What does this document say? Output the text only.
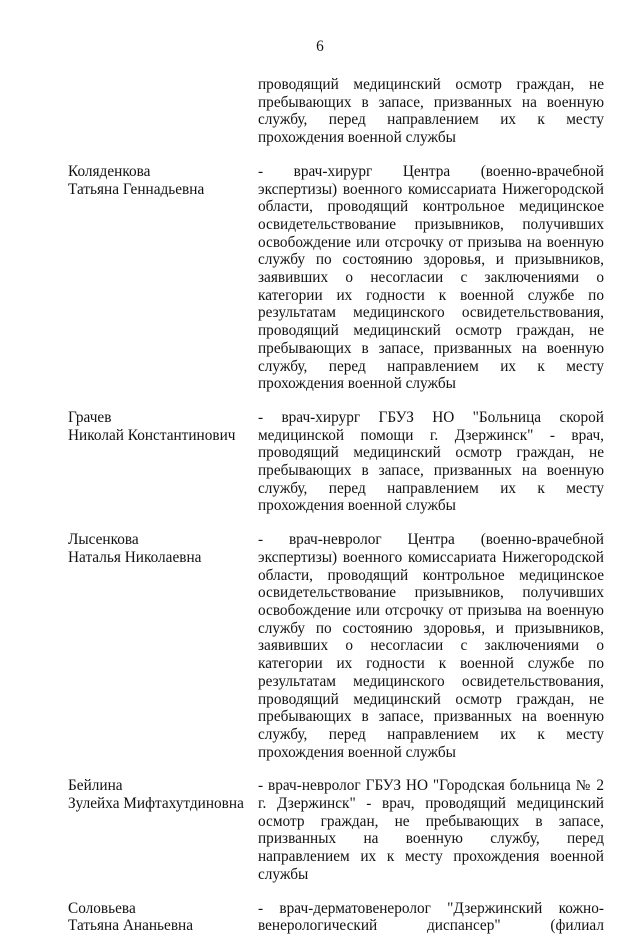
6
проводящий медицинский осмотр граждан, не пребывающих в запасе, призванных на военную службу, перед направлением их к месту прохождения военной службы
Коляденкова
Татьяна Геннадьевна
- врач-хирург Центра (военно-врачебной экспертизы) военного комиссариата Нижегородской области, проводящий контрольное медицинское освидетельствование призывников, получивших освобождение или отсрочку от призыва на военную службу по состоянию здоровья, и призывников, заявивших о несогласии с заключениями о категории их годности к военной службе по результатам медицинского освидетельствования, проводящий медицинский осмотр граждан, не пребывающих в запасе, призванных на военную службу, перед направлением их к месту прохождения военной службы
Грачев
Николай Константинович
- врач-хирург ГБУЗ НО "Больница скорой медицинской помощи г. Дзержинск" - врач, проводящий медицинский осмотр граждан, не пребывающих в запасе, призванных на военную службу, перед направлением их к месту прохождения военной службы
Лысенкова
Наталья Николаевна
- врач-невролог Центра (военно-врачебной экспертизы) военного комиссариата Нижегородской области, проводящий контрольное медицинское освидетельствование призывников, получивших освобождение или отсрочку от призыва на военную службу по состоянию здоровья, и призывников, заявивших о несогласии с заключениями о категории их годности к военной службе по результатам медицинского освидетельствования, проводящий медицинский осмотр граждан, не пребывающих в запасе, призванных на военную службу, перед направлением их к месту прохождения военной службы
Бейлина
Зулейха Мифтахутдиновна
- врач-невролог ГБУЗ НО "Городская больница № 2 г. Дзержинск" - врач, проводящий медицинский осмотр граждан, не пребывающих в запасе, призванных на военную службу, перед направлением их к месту прохождения военной службы
Соловьева
Татьяна Ананьевна
- врач-дерматовенеролог "Дзержинский кожно-венерологический диспансер" (филиал
